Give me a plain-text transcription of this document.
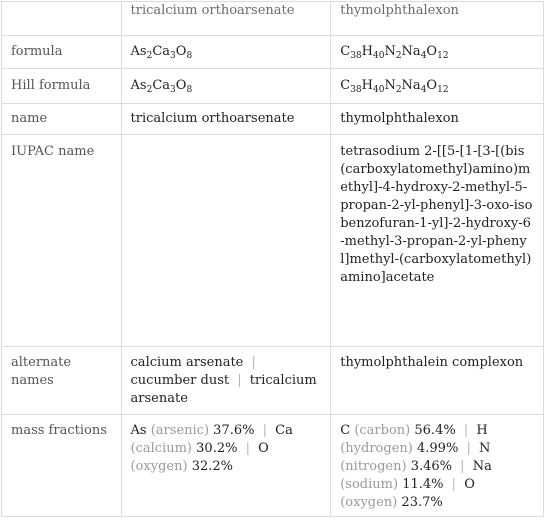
	tricalcium orthoarsenate	thymolphthalexon
formula	$As_2Ca_3O_8$	$C_{38}H_{40}N_2Na_4O_{12}$
Hill formula	$As_2Ca_3O_8$	$C_{38}H_{40}N_2Na_4O_{12}$
name	tricalcium orthoarsenate	thymolphthalexon
IUPAC name		tetrasodium 2-[[5-[1-[3-[(bis(carboxylatomethyl)amino)methyl]-4-hydroxy-2-methyl-5-propan-2-yl-phenyl]-3-oxo-isobenzofuran-1-yl]-2-hydroxy-6-methyl-3-propan-2-yl-phenyl]methyl-(carboxylatomethyl)amino]acetate
alternate names	calcium arsenate | cucumber dust | tricalcium arsenate	thymolphthalein complexon
mass fractions	As (arsenic) 37.6% | Ca (calcium) 30.2% | O (oxygen) 32.2%	C (carbon) 56.4% | H (hydrogen) 4.99% | N (nitrogen) 3.46% | Na (sodium) 11.4% | O (oxygen) 23.7%
